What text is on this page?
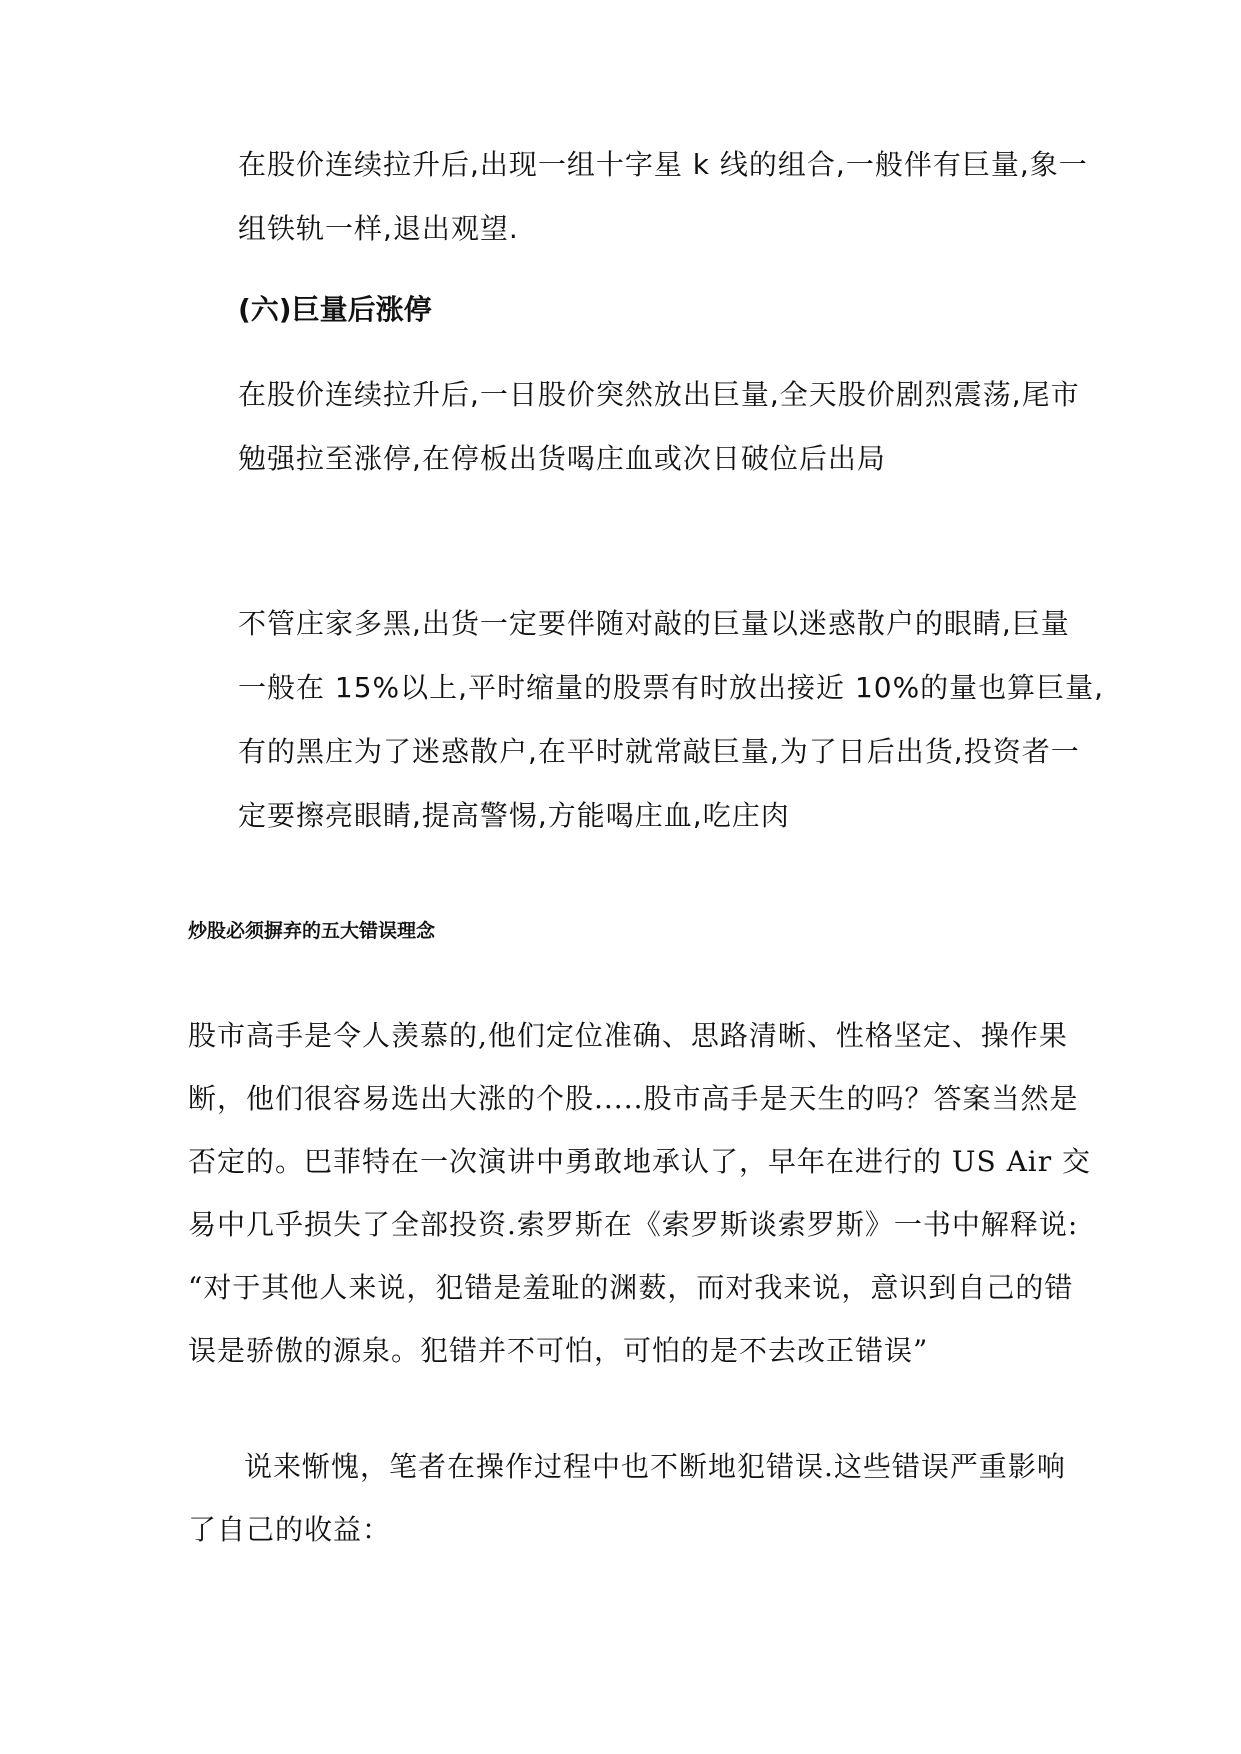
在股价连续拉升后,出现一组十字星 k 线的组合,一般伴有巨量,象一
组铁轨一样,退出观望.
(六)巨量后涨停
在股价连续拉升后,一日股价突然放出巨量,全天股价剧烈震荡,尾市
勉强拉至涨停,在停板出货喝庄血或次日破位后出局
不管庄家多黑,出货一定要伴随对敲的巨量以迷惑散户的眼睛,巨量
一般在 15%以上,平时缩量的股票有时放出接近 10%的量也算巨量,
有的黑庄为了迷惑散户,在平时就常敲巨量,为了日后出货,投资者一
定要擦亮眼睛,提高警惕,方能喝庄血,吃庄肉
炒股必须摒弃的五大错误理念
股市高手是令人羡慕的,他们定位准确、思路清晰、性格坚定、操作果
断，他们很容易选出大涨的个股.....股市高手是天生的吗？答案当然是
否定的。巴菲特在一次演讲中勇敢地承认了，早年在进行的 US Air 交
易中几乎损失了全部投资.索罗斯在《索罗斯谈索罗斯》一书中解释说:
“对于其他人来说，犯错是羞耻的渊薮，而对我来说，意识到自己的错
误是骄傲的源泉。犯错并不可怕，可怕的是不去改正错误”
说来惭愧，笔者在操作过程中也不断地犯错误.这些错误严重影响
了自己的收益：
